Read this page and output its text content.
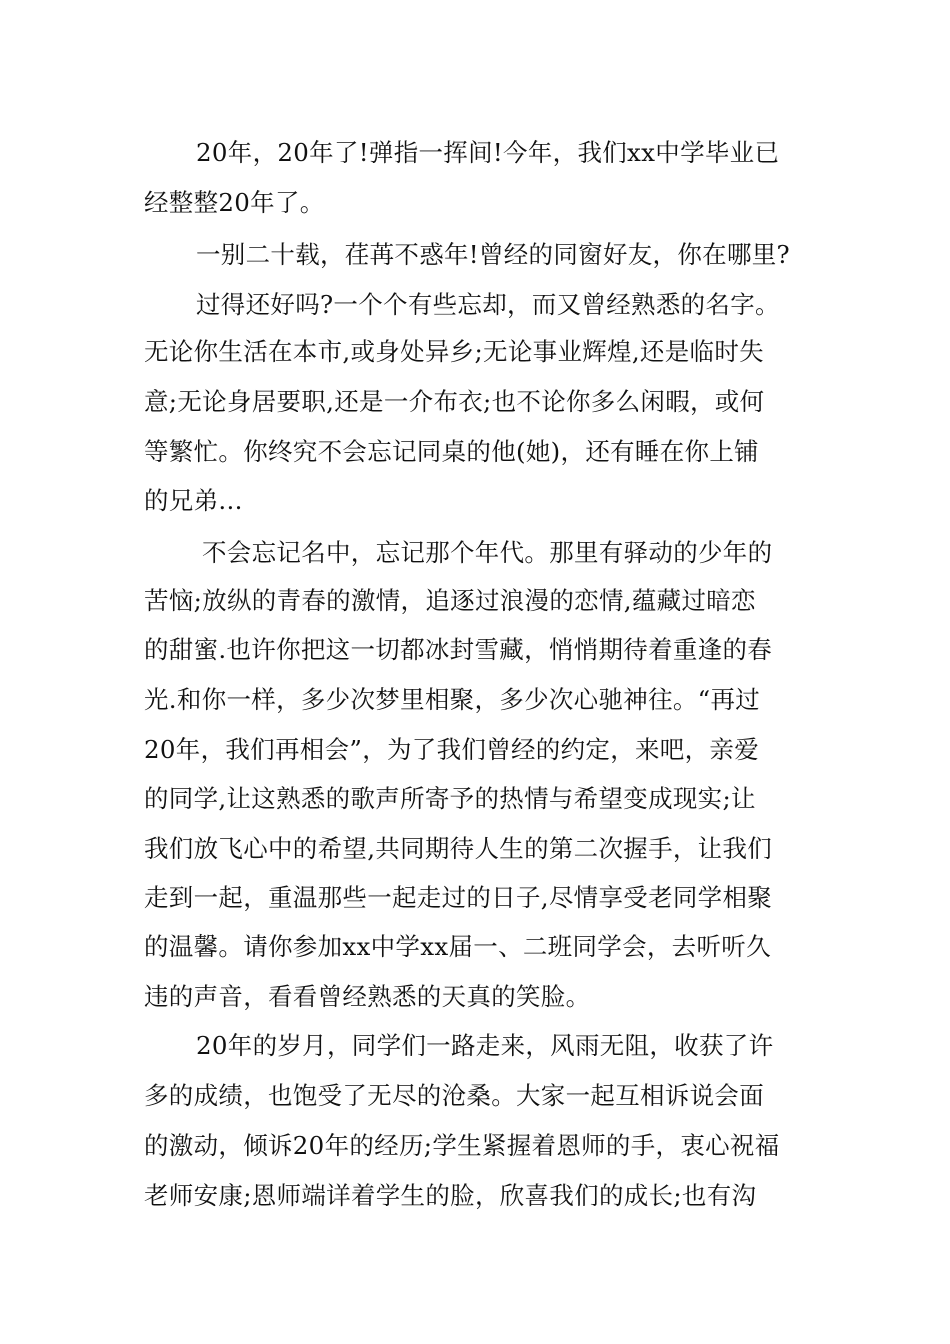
20年，20年了!弹指一挥间!今年，我们xx中学毕业已
经整整20年了。
一别二十载，荏苒不惑年!曾经的同窗好友，你在哪里?
过得还好吗?一个个有些忘却，而又曾经熟悉的名字。
无论你生活在本市,或身处异乡;无论事业辉煌,还是临时失
意;无论身居要职,还是一介布衣;也不论你多么闲暇，或何
等繁忙。你终究不会忘记同桌的他(她)，还有睡在你上铺
的兄弟...
不会忘记名中，忘记那个年代。那里有驿动的少年的
苦恼;放纵的青春的激情，追逐过浪漫的恋情,蕴藏过暗恋
的甜蜜.也许你把这一切都冰封雪藏，悄悄期待着重逢的春
光.和你一样，多少次梦里相聚，多少次心驰神往。“再过
20年，我们再相会”，为了我们曾经的约定，来吧，亲爱
的同学,让这熟悉的歌声所寄予的热情与希望变成现实;让
我们放飞心中的希望,共同期待人生的第二次握手，让我们
走到一起，重温那些一起走过的日子,尽情享受老同学相聚
的温馨。请你参加xx中学xx届一、二班同学会，去听听久
违的声音，看看曾经熟悉的天真的笑脸。
20年的岁月，同学们一路走来，风雨无阻，收获了许
多的成绩，也饱受了无尽的沧桑。大家一起互相诉说会面
的激动，倾诉20年的经历;学生紧握着恩师的手，衷心祝福
老师安康;恩师端详着学生的脸，欣喜我们的成长;也有沟
